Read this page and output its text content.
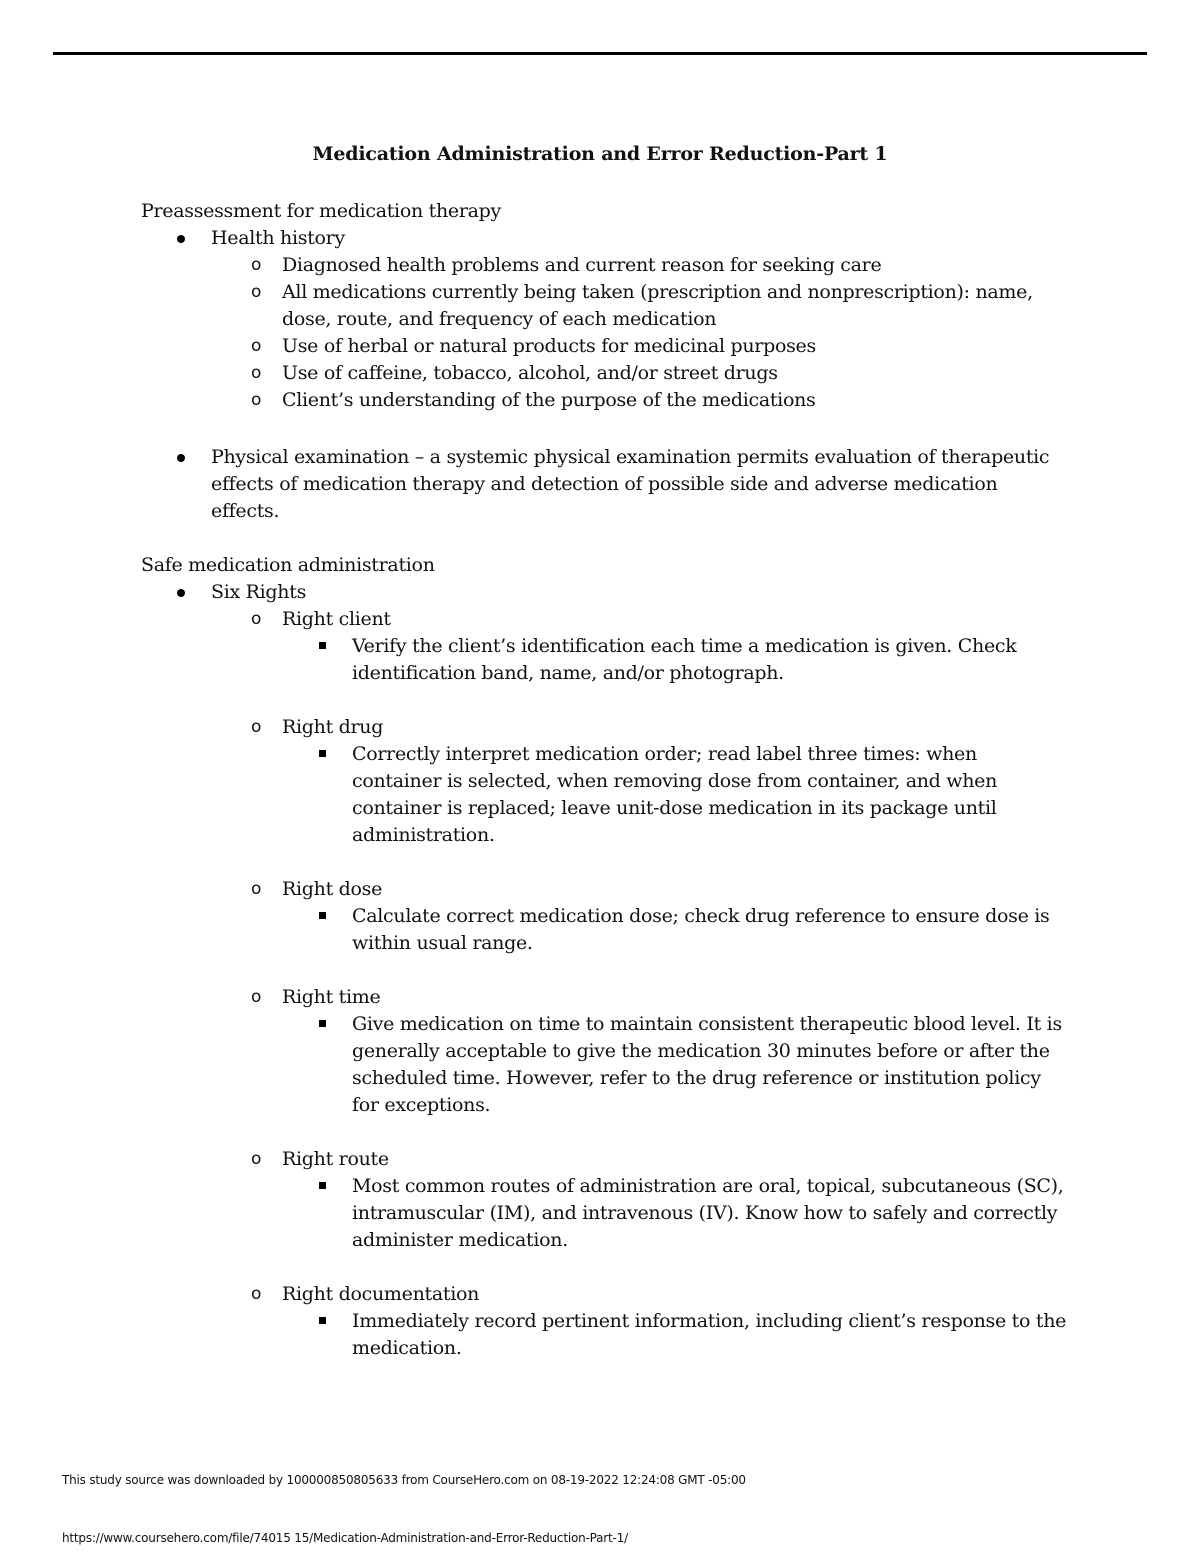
Medication Administration and Error Reduction-Part 1
Preassessment for medication therapy
Health history
o Diagnosed health problems and current reason for seeking care
o All medications currently being taken (prescription and nonprescription): name, dose, route, and frequency of each medication
o Use of herbal or natural products for medicinal purposes
o Use of caffeine, tobacco, alcohol, and/or street drugs
o Client’s understanding of the purpose of the medications
Physical examination – a systemic physical examination permits evaluation of therapeutic effects of medication therapy and detection of possible side and adverse medication effects.
Safe medication administration
Six Rights
o Right client
Verify the client’s identification each time a medication is given. Check identification band, name, and/or photograph.
o Right drug
Correctly interpret medication order; read label three times: when container is selected, when removing dose from container, and when container is replaced; leave unit-dose medication in its package until administration.
o Right dose
Calculate correct medication dose; check drug reference to ensure dose is within usual range.
o Right time
Give medication on time to maintain consistent therapeutic blood level. It is generally acceptable to give the medication 30 minutes before or after the scheduled time. However, refer to the drug reference or institution policy for exceptions.
o Right route
Most common routes of administration are oral, topical, subcutaneous (SC), intramuscular (IM), and intravenous (IV). Know how to safely and correctly administer medication.
o Right documentation
Immediately record pertinent information, including client’s response to the medication.
This study source was downloaded by 100000850805633 from CourseHero.com on 08-19-2022 12:24:08 GMT -05:00
https://www.coursehero.com/file/74015 15/Medication-Administration-and-Error-Reduction-Part-1/
